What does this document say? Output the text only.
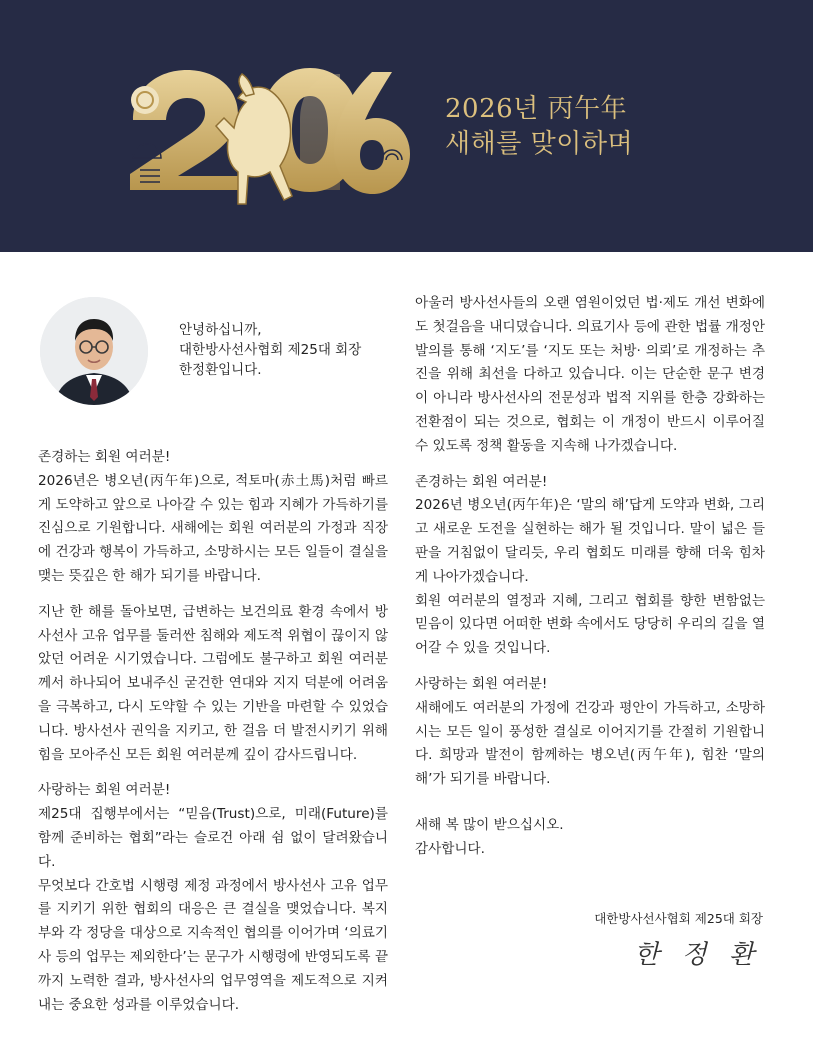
2026년 丙午年
새해를 맞이하며
안녕하십니까,
대한방사선사협회 제25대 회장
한정환입니다.

존경하는 회원 여러분!
2026년은 병오년(丙午年)으로, 적토마(赤土馬)처럼 빠르게 도약하고 앞으로 나아갈 수 있는 힘과 지혜가 가득하기를 진심으로 기원합니다. 새해에는 회원 여러분의 가정과 직장에 건강과 행복이 가득하고, 소망하시는 모든 일들이 결실을 맺는 뜻깊은 한 해가 되기를 바랍니다.

지난 한 해를 돌아보면, 급변하는 보건의료 환경 속에서 방사선사 고유 업무를 둘러싼 침해와 제도적 위협이 끊이지 않았던 어려운 시기였습니다. 그럼에도 불구하고 회원 여러분께서 하나되어 보내주신 굳건한 연대와 지지 덕분에 어려움을 극복하고, 다시 도약할 수 있는 기반을 마련할 수 있었습니다. 방사선사 권익을 지키고, 한 걸음 더 발전시키기 위해 힘을 모아주신 모든 회원 여러분께 깊이 감사드립니다.

사랑하는 회원 여러분!
제25대 집행부에서는 “믿음(Trust)으로, 미래(Future)를 함께 준비하는 협회”라는 슬로건 아래 쉼 없이 달려왔습니다.
무엇보다 간호법 시행령 제정 과정에서 방사선사 고유 업무를 지키기 위한 협회의 대응은 큰 결실을 맺었습니다. 복지부와 각 정당을 대상으로 지속적인 협의를 이어가며 ‘의료기사 등의 업무는 제외한다’는 문구가 시행령에 반영되도록 끝까지 노력한 결과, 방사선사의 업무영역을 제도적으로 지켜내는 중요한 성과를 이루었습니다.

아울러 방사선사들의 오랜 염원이었던 법·제도 개선 변화에도 첫걸음을 내디뎠습니다. 의료기사 등에 관한 법률 개정안 발의를 통해 ‘지도’를 ‘지도 또는 처방· 의뢰’로 개정하는 추진을 위해 최선을 다하고 있습니다. 이는 단순한 문구 변경이 아니라 방사선사의 전문성과 법적 지위를 한층 강화하는 전환점이 되는 것으로, 협회는 이 개정이 반드시 이루어질 수 있도록 정책 활동을 지속해 나가겠습니다.

존경하는 회원 여러분!
2026년 병오년(丙午年)은 ‘말의 해’답게 도약과 변화, 그리고 새로운 도전을 실현하는 해가 될 것입니다. 말이 넓은 들판을 거침없이 달리듯, 우리 협회도 미래를 향해 더욱 힘차게 나아가겠습니다.
회원 여러분의 열정과 지혜, 그리고 협회를 향한 변함없는 믿음이 있다면 어떠한 변화 속에서도 당당히 우리의 길을 열어갈 수 있을 것입니다.

사랑하는 회원 여러분!
새해에도 여러분의 가정에 건강과 평안이 가득하고, 소망하시는 모든 일이 풍성한 결실로 이어지기를 간절히 기원합니다. 희망과 발전이 함께하는 병오년(丙午年), 힘찬 ‘말의 해’가 되기를 바랍니다.

새해 복 많이 받으십시오.
감사합니다.

대한방사선사협회 제25대 회장
한 정 환
